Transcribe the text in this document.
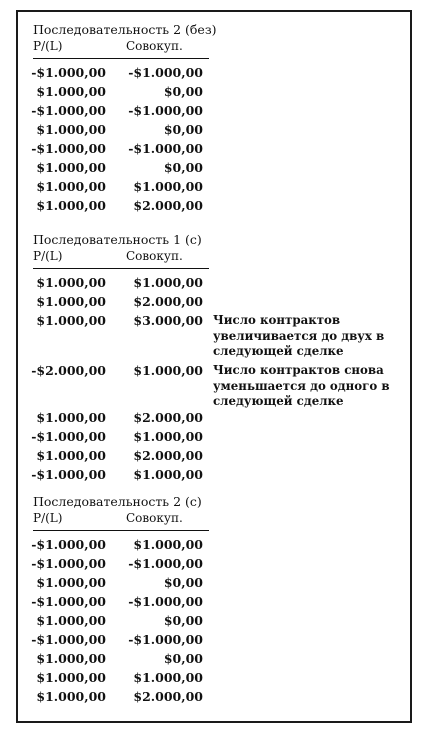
Последовательность 2 (без)
P/(L)	Совокуп.
-$1.000,00	-$1.000,00
$1.000,00	$0,00
-$1.000,00	-$1.000,00
$1.000,00	$0,00
-$1.000,00	-$1.000,00
$1.000,00	$0,00
$1.000,00	$1.000,00
$1.000,00	$2.000,00
Последовательность 1 (с)
P/(L)	Совокуп.
$1.000,00	$1.000,00
$1.000,00	$2.000,00
$1.000,00	$3.000,00 Число контрактов увеличивается до двух в следующей сделке
-$2.000,00	$1.000,00 Число контрактов снова уменьшается до одного в следующей сделке
$1.000,00	$2.000,00
-$1.000,00	$1.000,00
$1.000,00	$2.000,00
-$1.000,00	$1.000,00
Последовательность 2 (с)
P/(L)	Совокуп.
-$1.000,00	$1.000,00
-$1.000,00	-$1.000,00
$1.000,00	$0,00
-$1.000,00	-$1.000,00
$1.000,00	$0,00
-$1.000,00	-$1.000,00
$1.000,00	$0,00
$1.000,00	$1.000,00
$1.000,00	$2.000,00
